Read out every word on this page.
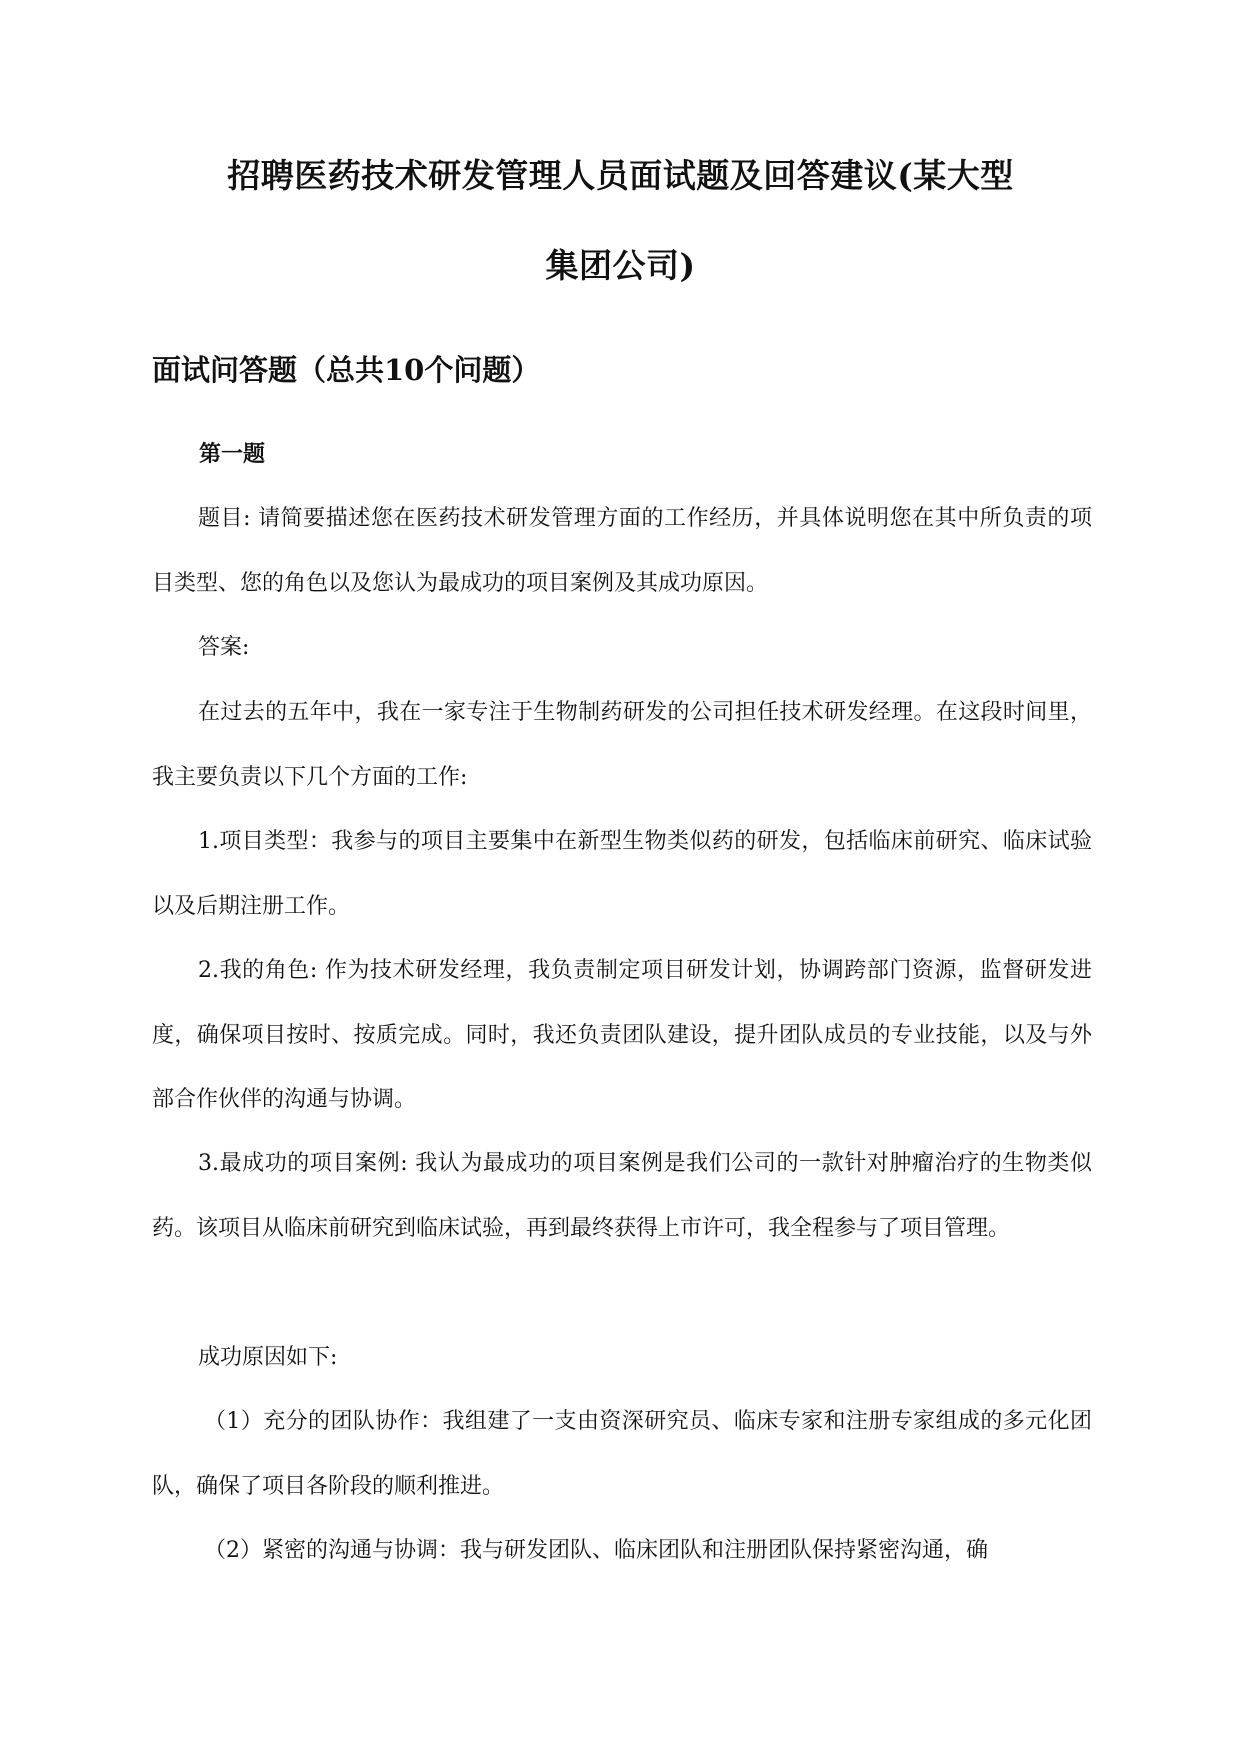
招聘医药技术研发管理人员面试题及回答建议(某大型
集团公司)
面试问答题（总共10个问题）
第一题

题目: 请简要描述您在医药技术研发管理方面的工作经历，并具体说明您在其中所负责的项目类型、您的角色以及您认为最成功的项目案例及其成功原因。

答案:

在过去的五年中，我在一家专注于生物制药研发的公司担任技术研发经理。在这段时间里，我主要负责以下几个方面的工作:

1.项目类型：我参与的项目主要集中在新型生物类似药的研发，包括临床前研究、临床试验以及后期注册工作。

2.我的角色: 作为技术研发经理，我负责制定项目研发计划，协调跨部门资源，监督研发进度，确保项目按时、按质完成。同时，我还负责团队建设，提升团队成员的专业技能，以及与外部合作伙伴的沟通与协调。

3.最成功的项目案例: 我认为最成功的项目案例是我们公司的一款针对肿瘤治疗的生物类似药。该项目从临床前研究到临床试验，再到最终获得上市许可，我全程参与了项目管理。

成功原因如下:

（1）充分的团队协作：我组建了一支由资深研究员、临床专家和注册专家组成的多元化团队，确保了项目各阶段的顺利推进。

（2）紧密的沟通与协调：我与研发团队、临床团队和注册团队保持紧密沟通，确
